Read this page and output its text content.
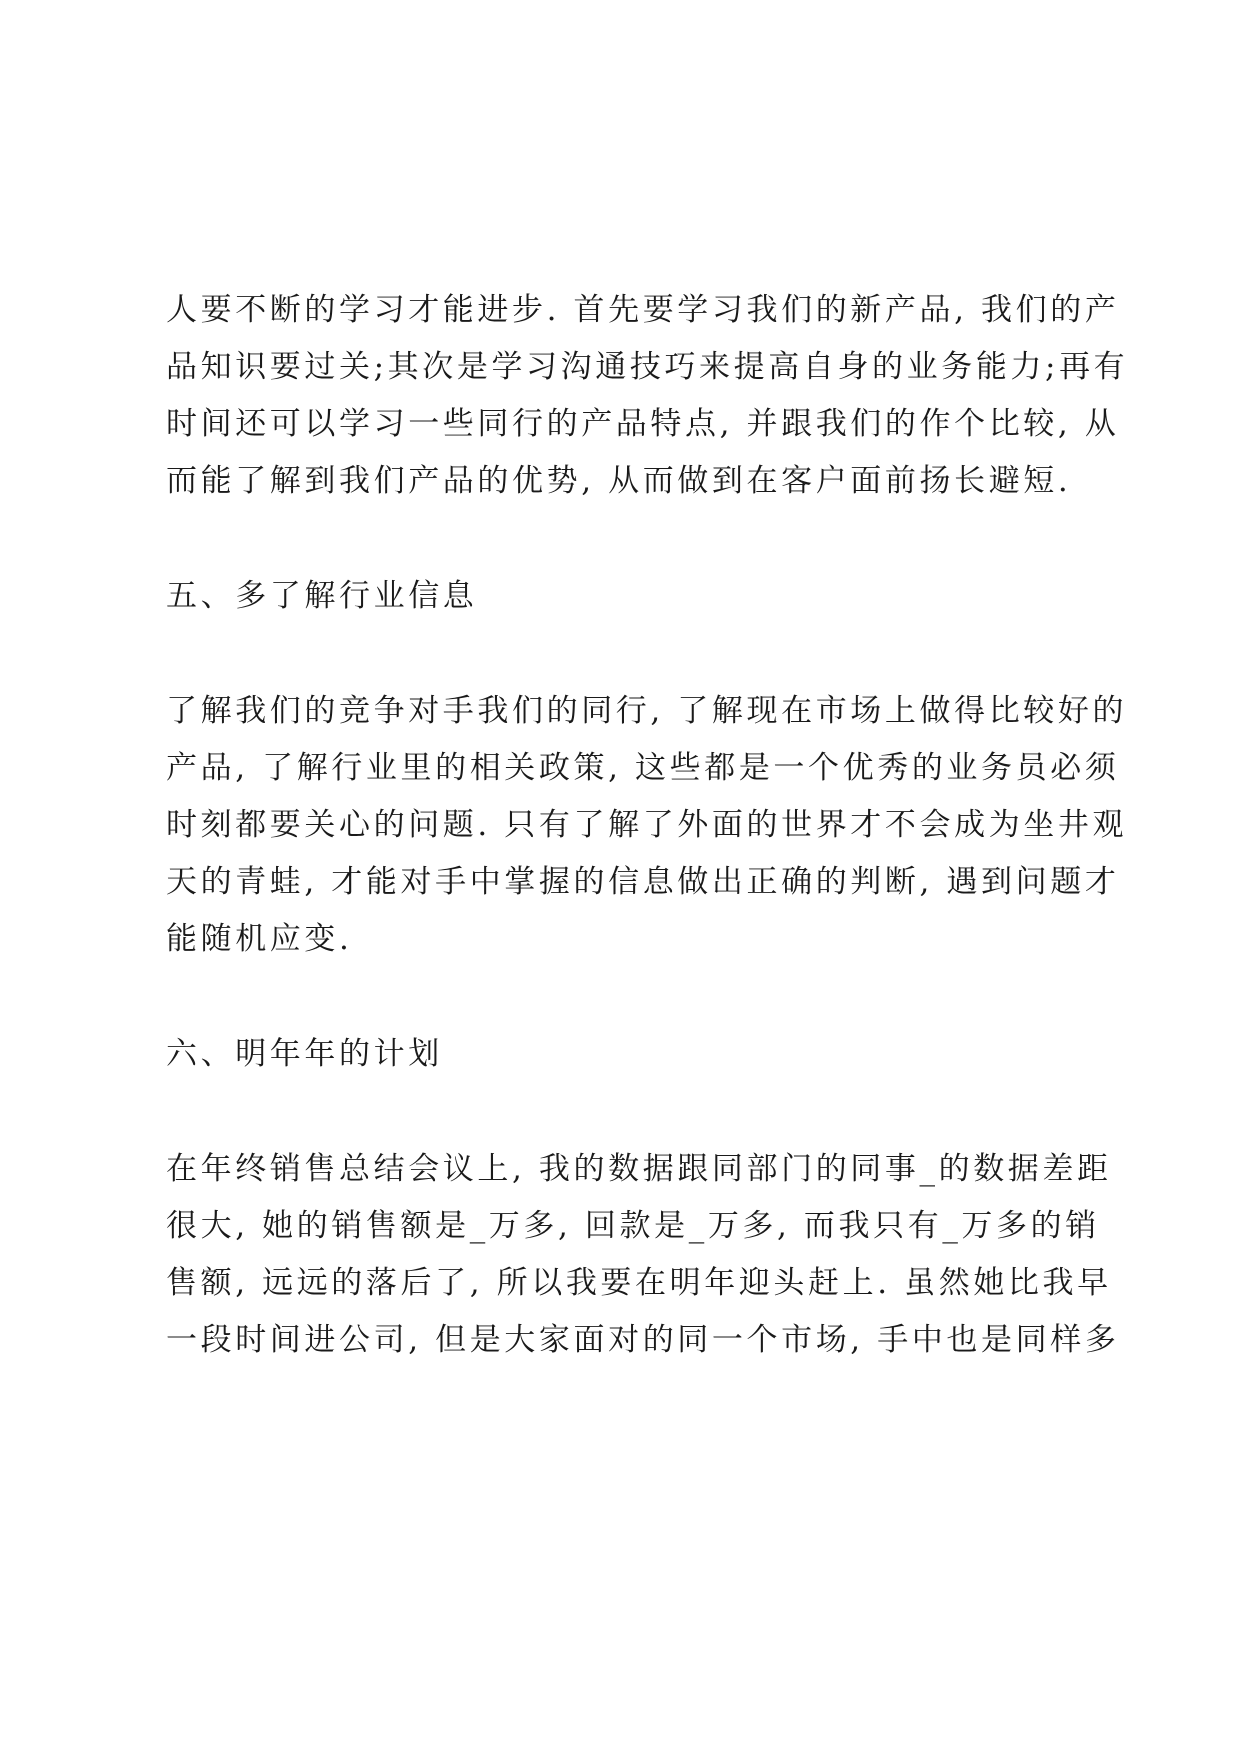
人要不断的学习才能进步. 首先要学习我们的新产品, 我们的产
品知识要过关;其次是学习沟通技巧来提高自身的业务能力;再有
时间还可以学习一些同行的产品特点, 并跟我们的作个比较, 从
而能了解到我们产品的优势, 从而做到在客户面前扬长避短.
五、多了解行业信息
了解我们的竞争对手我们的同行, 了解现在市场上做得比较好的
产品, 了解行业里的相关政策, 这些都是一个优秀的业务员必须
时刻都要关心的问题. 只有了解了外面的世界才不会成为坐井观
天的青蛙, 才能对手中掌握的信息做出正确的判断, 遇到问题才
能随机应变.
六、明年年的计划
在年终销售总结会议上, 我的数据跟同部门的同事_的数据差距
很大, 她的销售额是_万多, 回款是_万多, 而我只有_万多的销
售额, 远远的落后了, 所以我要在明年迎头赶上. 虽然她比我早
一段时间进公司, 但是大家面对的同一个市场, 手中也是同样多
